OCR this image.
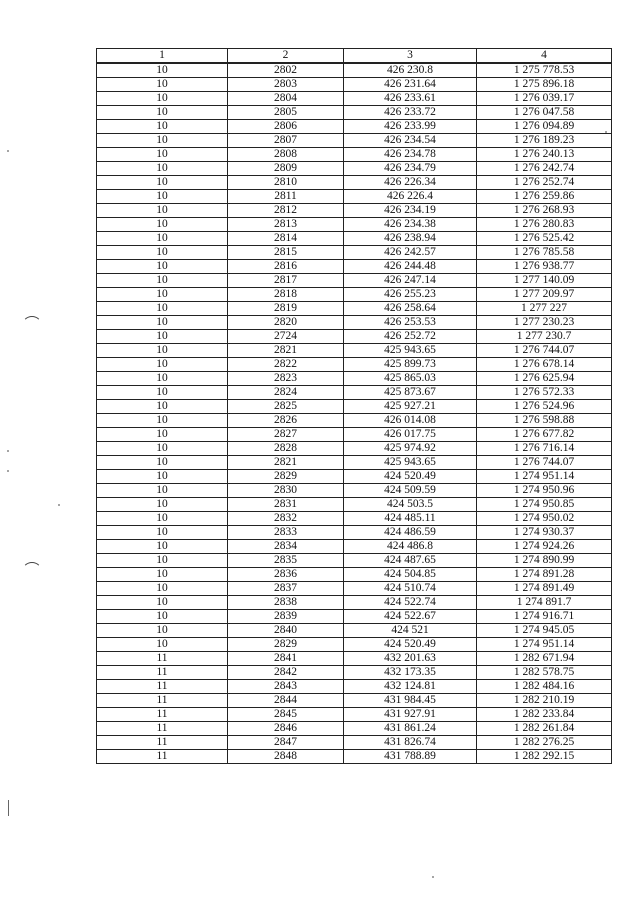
1	2	3	4
10	2802	426 230.8	1 275 778.53
10	2803	426 231.64	1 275 896.18
10	2804	426 233.61	1 276 039.17
10	2805	426 233.72	1 276 047.58
10	2806	426 233.99	1 276 094.89
10	2807	426 234.54	1 276 189.23
10	2808	426 234.78	1 276 240.13
10	2809	426 234.79	1 276 242.74
10	2810	426 226.34	1 276 252.74
10	2811	426 226.4	1 276 259.86
10	2812	426 234.19	1 276 268.93
10	2813	426 234.38	1 276 280.83
10	2814	426 238.94	1 276 525.42
10	2815	426 242.57	1 276 785.58
10	2816	426 244.48	1 276 938.77
10	2817	426 247.14	1 277 140.09
10	2818	426 255.23	1 277 209.97
10	2819	426 258.64	1 277 227
10	2820	426 253.53	1 277 230.23
10	2724	426 252.72	1 277 230.7
10	2821	425 943.65	1 276 744.07
10	2822	425 899.73	1 276 678.14
10	2823	425 865.03	1 276 625.94
10	2824	425 873.67	1 276 572.33
10	2825	425 927.21	1 276 524.96
10	2826	426 014.08	1 276 598.88
10	2827	426 017.75	1 276 677.82
10	2828	425 974.92	1 276 716.14
10	2821	425 943.65	1 276 744.07
10	2829	424 520.49	1 274 951.14
10	2830	424 509.59	1 274 950.96
10	2831	424 503.5	1 274 950.85
10	2832	424 485.11	1 274 950.02
10	2833	424 486.59	1 274 930.37
10	2834	424 486.8	1 274 924.26
10	2835	424 487.65	1 274 890.99
10	2836	424 504.85	1 274 891.28
10	2837	424 510.74	1 274 891.49
10	2838	424 522.74	1 274 891.7
10	2839	424 522.67	1 274 916.71
10	2840	424 521	1 274 945.05
10	2829	424 520.49	1 274 951.14
11	2841	432 201.63	1 282 671.94
11	2842	432 173.35	1 282 578.75
11	2843	432 124.81	1 282 484.16
11	2844	431 984.45	1 282 210.19
11	2845	431 927.91	1 282 233.84
11	2846	431 861.24	1 282 261.84
11	2847	431 826.74	1 282 276.25
11	2848	431 788.89	1 282 292.15
